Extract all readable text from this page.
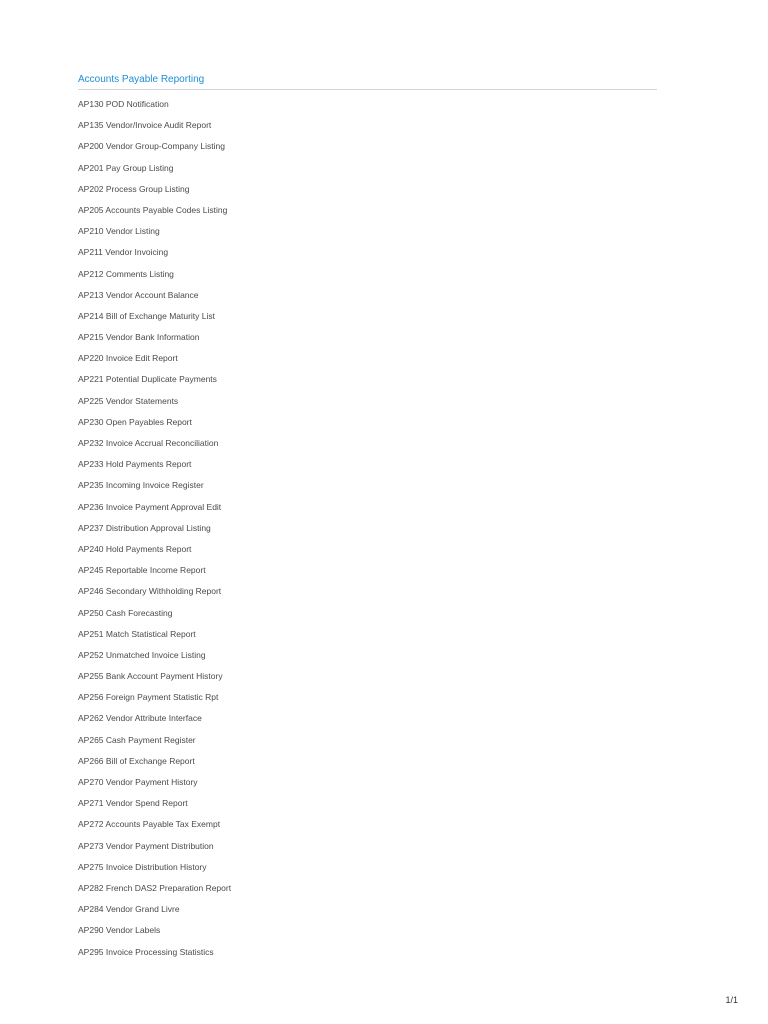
Accounts Payable Reporting
AP130 POD Notification
AP135 Vendor/Invoice Audit Report
AP200 Vendor Group-Company Listing
AP201 Pay Group Listing
AP202 Process Group Listing
AP205 Accounts Payable Codes Listing
AP210 Vendor Listing
AP211 Vendor Invoicing
AP212 Comments Listing
AP213 Vendor Account Balance
AP214 Bill of Exchange Maturity List
AP215 Vendor Bank Information
AP220 Invoice Edit Report
AP221 Potential Duplicate Payments
AP225 Vendor Statements
AP230 Open Payables Report
AP232 Invoice Accrual Reconciliation
AP233 Hold Payments Report
AP235 Incoming Invoice Register
AP236 Invoice Payment Approval Edit
AP237 Distribution Approval Listing
AP240 Hold Payments Report
AP245 Reportable Income Report
AP246 Secondary Withholding Report
AP250 Cash Forecasting
AP251 Match Statistical Report
AP252 Unmatched Invoice Listing
AP255 Bank Account Payment History
AP256 Foreign Payment Statistic Rpt
AP262 Vendor Attribute Interface
AP265 Cash Payment Register
AP266 Bill of Exchange Report
AP270 Vendor Payment History
AP271 Vendor Spend Report
AP272 Accounts Payable Tax Exempt
AP273 Vendor Payment Distribution
AP275 Invoice Distribution History
AP282 French DAS2 Preparation Report
AP284 Vendor Grand Livre
AP290 Vendor Labels
AP295 Invoice Processing Statistics
1/1
